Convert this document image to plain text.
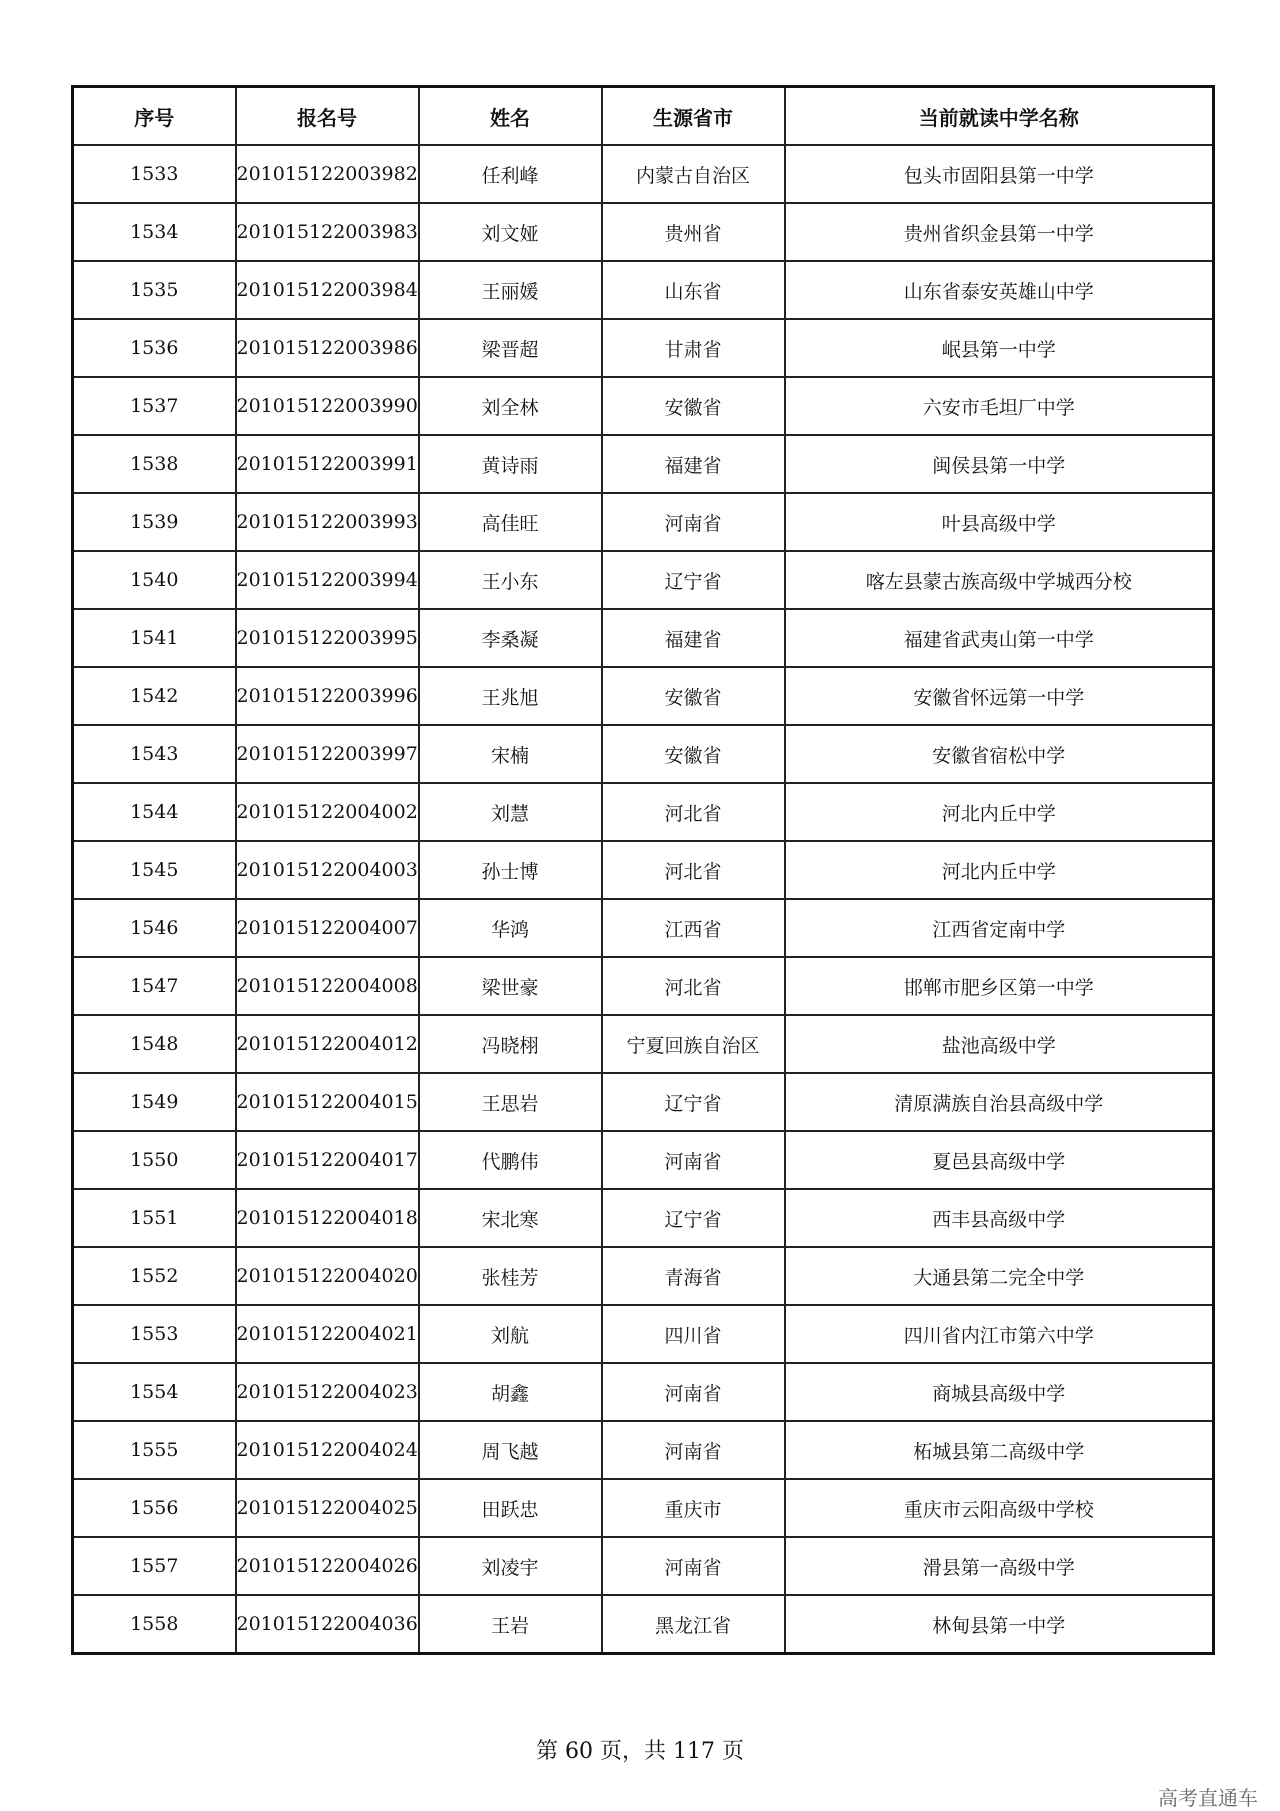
序号	报名号	姓名	生源省市	当前就读中学名称
1533	201015122003982	任利峰	内蒙古自治区	包头市固阳县第一中学
1534	201015122003983	刘文娅	贵州省	贵州省织金县第一中学
1535	201015122003984	王丽媛	山东省	山东省泰安英雄山中学
1536	201015122003986	梁晋超	甘肃省	岷县第一中学
1537	201015122003990	刘全林	安徽省	六安市毛坦厂中学
1538	201015122003991	黄诗雨	福建省	闽侯县第一中学
1539	201015122003993	高佳旺	河南省	叶县高级中学
1540	201015122003994	王小东	辽宁省	喀左县蒙古族高级中学城西分校
1541	201015122003995	李桑凝	福建省	福建省武夷山第一中学
1542	201015122003996	王兆旭	安徽省	安徽省怀远第一中学
1543	201015122003997	宋楠	安徽省	安徽省宿松中学
1544	201015122004002	刘慧	河北省	河北内丘中学
1545	201015122004003	孙士博	河北省	河北内丘中学
1546	201015122004007	华鸿	江西省	江西省定南中学
1547	201015122004008	梁世豪	河北省	邯郸市肥乡区第一中学
1548	201015122004012	冯晓栩	宁夏回族自治区	盐池高级中学
1549	201015122004015	王思岩	辽宁省	清原满族自治县高级中学
1550	201015122004017	代鹏伟	河南省	夏邑县高级中学
1551	201015122004018	宋北寒	辽宁省	西丰县高级中学
1552	201015122004020	张桂芳	青海省	大通县第二完全中学
1553	201015122004021	刘航	四川省	四川省内江市第六中学
1554	201015122004023	胡鑫	河南省	商城县高级中学
1555	201015122004024	周飞越	河南省	柘城县第二高级中学
1556	201015122004025	田跃忠	重庆市	重庆市云阳高级中学校
1557	201015122004026	刘凌宇	河南省	滑县第一高级中学
1558	201015122004036	王岩	黑龙江省	林甸县第一中学
第 60 页，共 117 页
高考直通车
